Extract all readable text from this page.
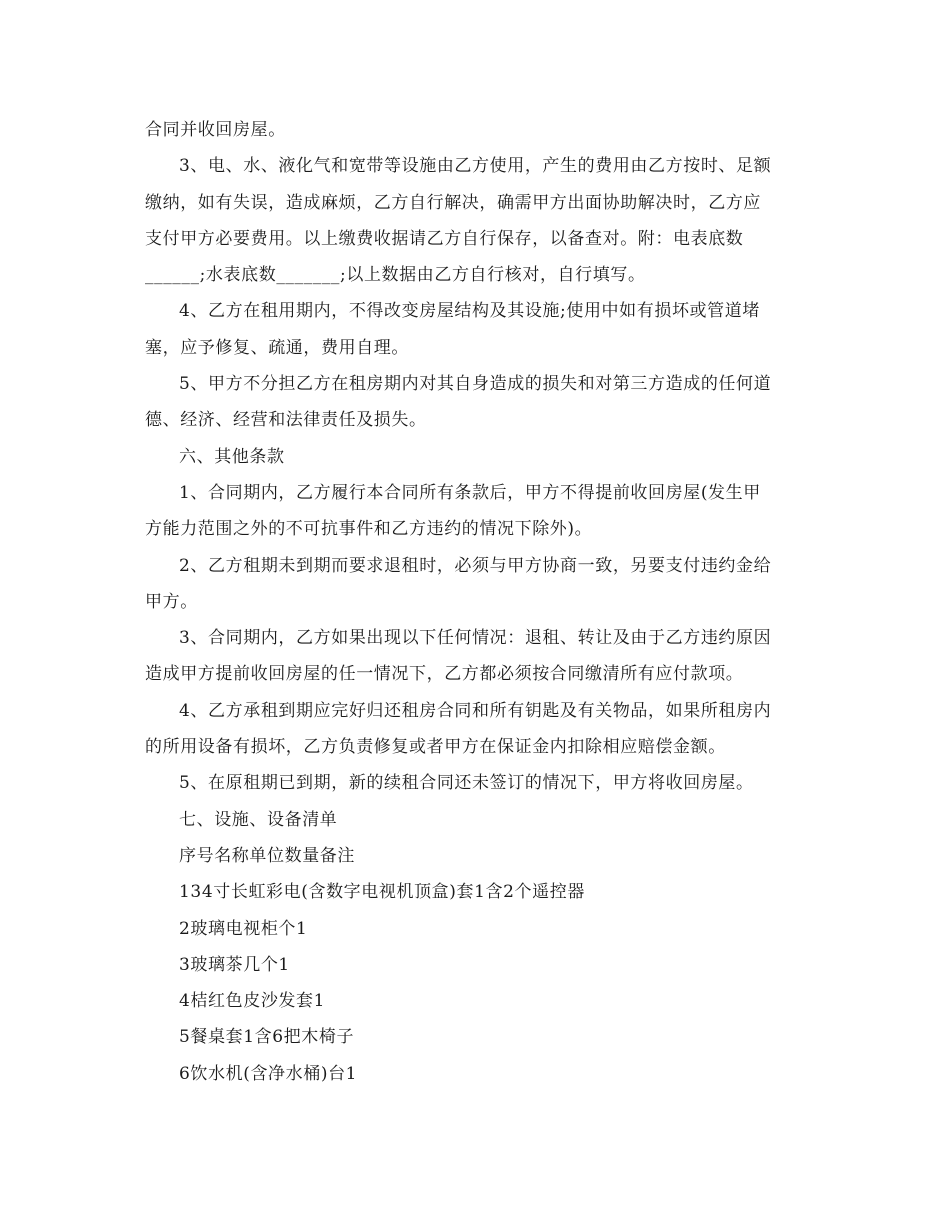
合同并收回房屋。
3、电、水、液化气和宽带等设施由乙方使用，产生的费用由乙方按时、足额
缴纳，如有失误，造成麻烦，乙方自行解决，确需甲方出面协助解决时，乙方应
支付甲方必要费用。以上缴费收据请乙方自行保存，以备查对。附：电表底数
______;水表底数_______;以上数据由乙方自行核对，自行填写。
4、乙方在租用期内，不得改变房屋结构及其设施;使用中如有损坏或管道堵
塞，应予修复、疏通，费用自理。
5、甲方不分担乙方在租房期内对其自身造成的损失和对第三方造成的任何道
德、经济、经营和法律责任及损失。
六、其他条款
1、合同期内，乙方履行本合同所有条款后，甲方不得提前收回房屋(发生甲
方能力范围之外的不可抗事件和乙方违约的情况下除外)。
2、乙方租期未到期而要求退租时，必须与甲方协商一致，另要支付违约金给
甲方。
3、合同期内，乙方如果出现以下任何情况：退租、转让及由于乙方违约原因
造成甲方提前收回房屋的任一情况下，乙方都必须按合同缴清所有应付款项。
4、乙方承租到期应完好归还租房合同和所有钥匙及有关物品，如果所租房内
的所用设备有损坏，乙方负责修复或者甲方在保证金内扣除相应赔偿金额。
5、在原租期已到期，新的续租合同还未签订的情况下，甲方将收回房屋。
七、设施、设备清单
序号名称单位数量备注
134寸长虹彩电(含数字电视机顶盒)套1含2个遥控器
2玻璃电视柜个1
3玻璃茶几个1
4桔红色皮沙发套1
5餐桌套1含6把木椅子
6饮水机(含净水桶)台1
